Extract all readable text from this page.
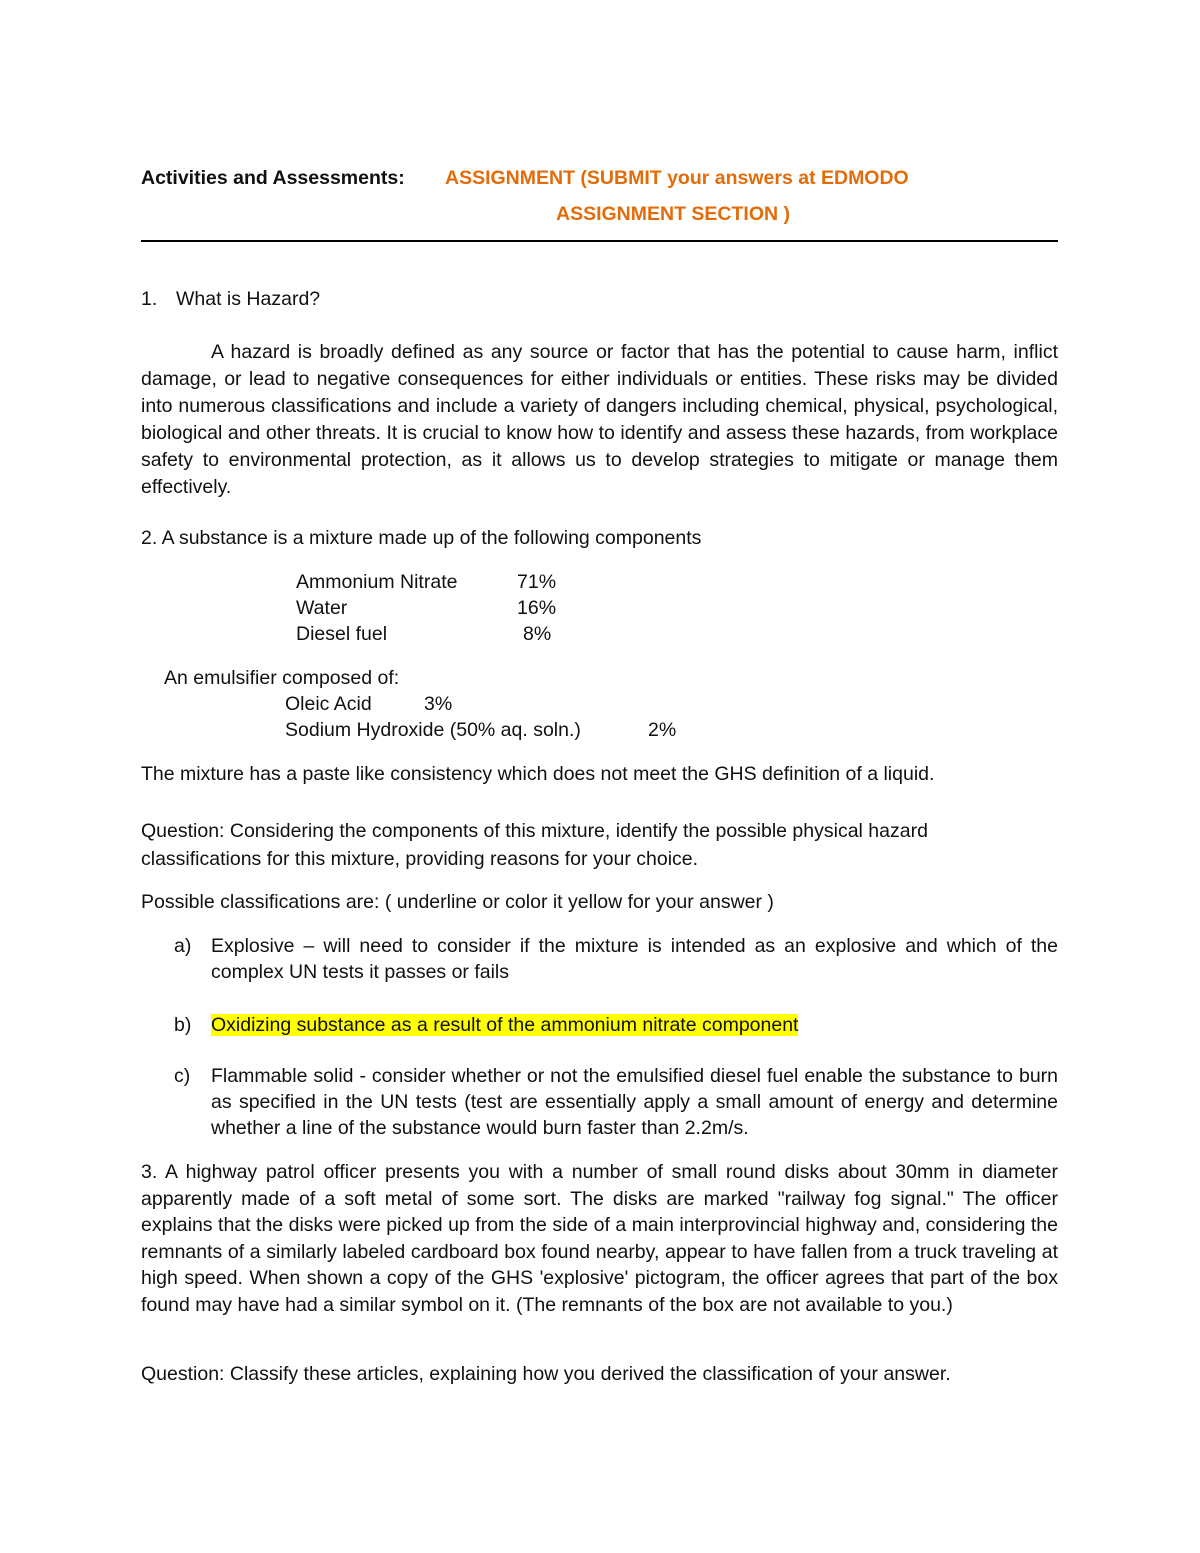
Activities and Assessments: ASSIGNMENT (SUBMIT your answers at EDMODO
ASSIGNMENT SECTION )
1. What is Hazard?
A hazard is broadly defined as any source or factor that has the potential to cause harm, inflict damage, or lead to negative consequences for either individuals or entities. These risks may be divided into numerous classifications and include a variety of dangers including chemical, physical, psychological, biological and other threats. It is crucial to know how to identify and assess these hazards, from workplace safety to environmental protection, as it allows us to develop strategies to mitigate or manage them effectively.
2. A substance is a mixture made up of the following components
Ammonium Nitrate	71%
Water	16%
Diesel fuel	8%
An emulsifier composed of:
Oleic Acid	3%
Sodium Hydroxide (50% aq. soln.)	2%
The mixture has a paste like consistency which does not meet the GHS definition of a liquid.
Question: Considering the components of this mixture, identify the possible physical hazard classifications for this mixture, providing reasons for your choice.
Possible classifications are: ( underline or color it yellow for your answer )
a) Explosive – will need to consider if the mixture is intended as an explosive and which of the complex UN tests it passes or fails
b) Oxidizing substance as a result of the ammonium nitrate component
c) Flammable solid - consider whether or not the emulsified diesel fuel enable the substance to burn as specified in the UN tests (test are essentially apply a small amount of energy and determine whether a line of the substance would burn faster than 2.2m/s.
3. A highway patrol officer presents you with a number of small round disks about 30mm in diameter apparently made of a soft metal of some sort. The disks are marked "railway fog signal." The officer explains that the disks were picked up from the side of a main interprovincial highway and, considering the remnants of a similarly labeled cardboard box found nearby, appear to have fallen from a truck traveling at high speed. When shown a copy of the GHS 'explosive' pictogram, the officer agrees that part of the box found may have had a similar symbol on it. (The remnants of the box are not available to you.)
Question: Classify these articles, explaining how you derived the classification of your answer.
